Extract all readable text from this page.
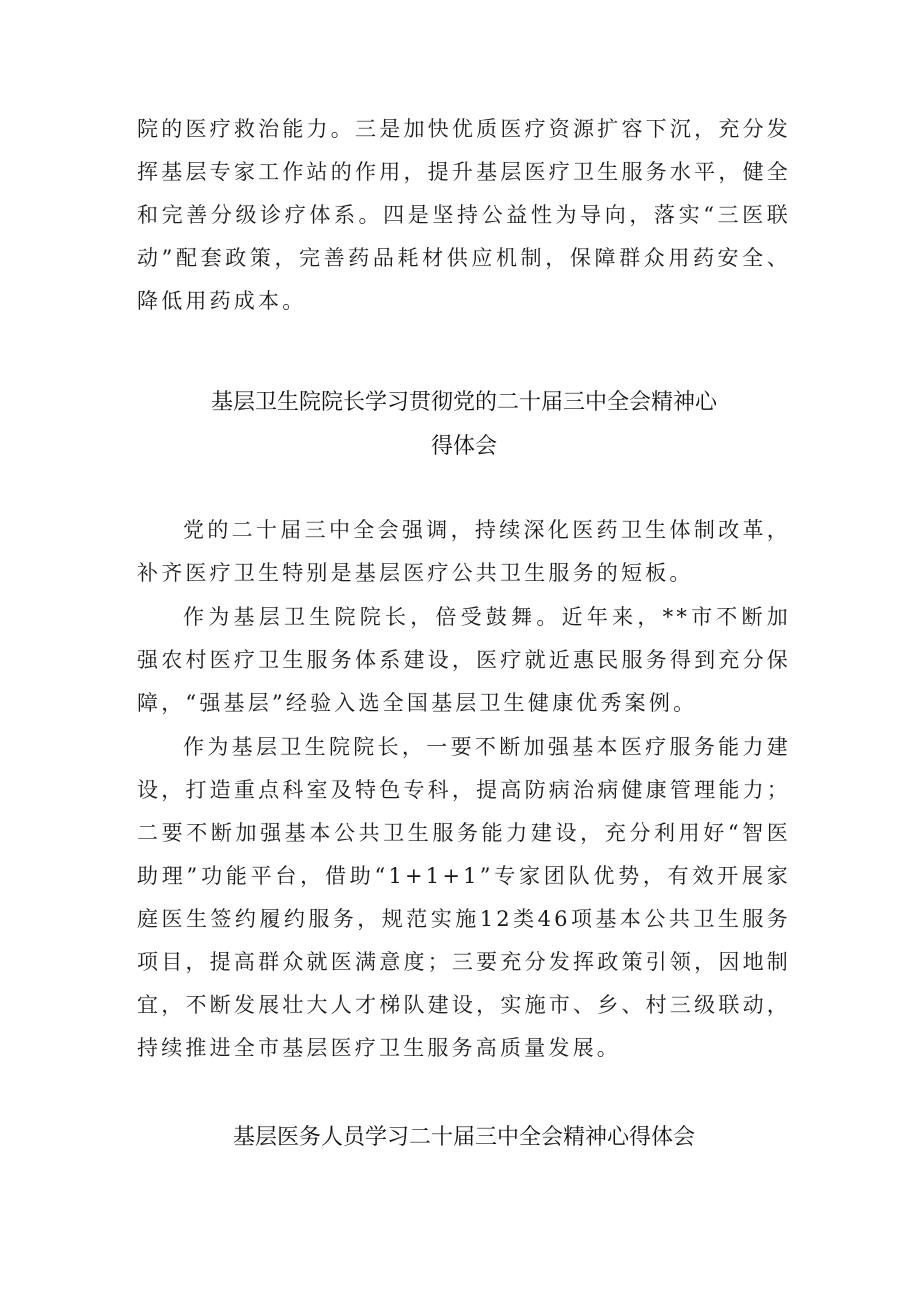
院的医疗救治能力。三是加快优质医疗资源扩容下沉，充分发挥基层专家工作站的作用，提升基层医疗卫生服务水平，健全和完善分级诊疗体系。四是坚持公益性为导向，落实“三医联动”配套政策，完善药品耗材供应机制，保障群众用药安全、降低用药成本。

基层卫生院院长学习贯彻党的二十届三中全会精神心
得体会

党的二十届三中全会强调，持续深化医药卫生体制改革，补齐医疗卫生特别是基层医疗公共卫生服务的短板。

作为基层卫生院院长，倍受鼓舞。近年来，**市不断加强农村医疗卫生服务体系建设，医疗就近惠民服务得到充分保障，“强基层”经验入选全国基层卫生健康优秀案例。

作为基层卫生院院长，一要不断加强基本医疗服务能力建设，打造重点科室及特色专科，提高防病治病健康管理能力；二要不断加强基本公共卫生服务能力建设，充分利用好“智医助理”功能平台，借助“1+1+1”专家团队优势，有效开展家庭医生签约履约服务，规范实施12类46项基本公共卫生服务项目，提高群众就医满意度；三要充分发挥政策引领，因地制宜，不断发展壮大人才梯队建设，实施市、乡、村三级联动，持续推进全市基层医疗卫生服务高质量发展。

基层医务人员学习二十届三中全会精神心得体会
